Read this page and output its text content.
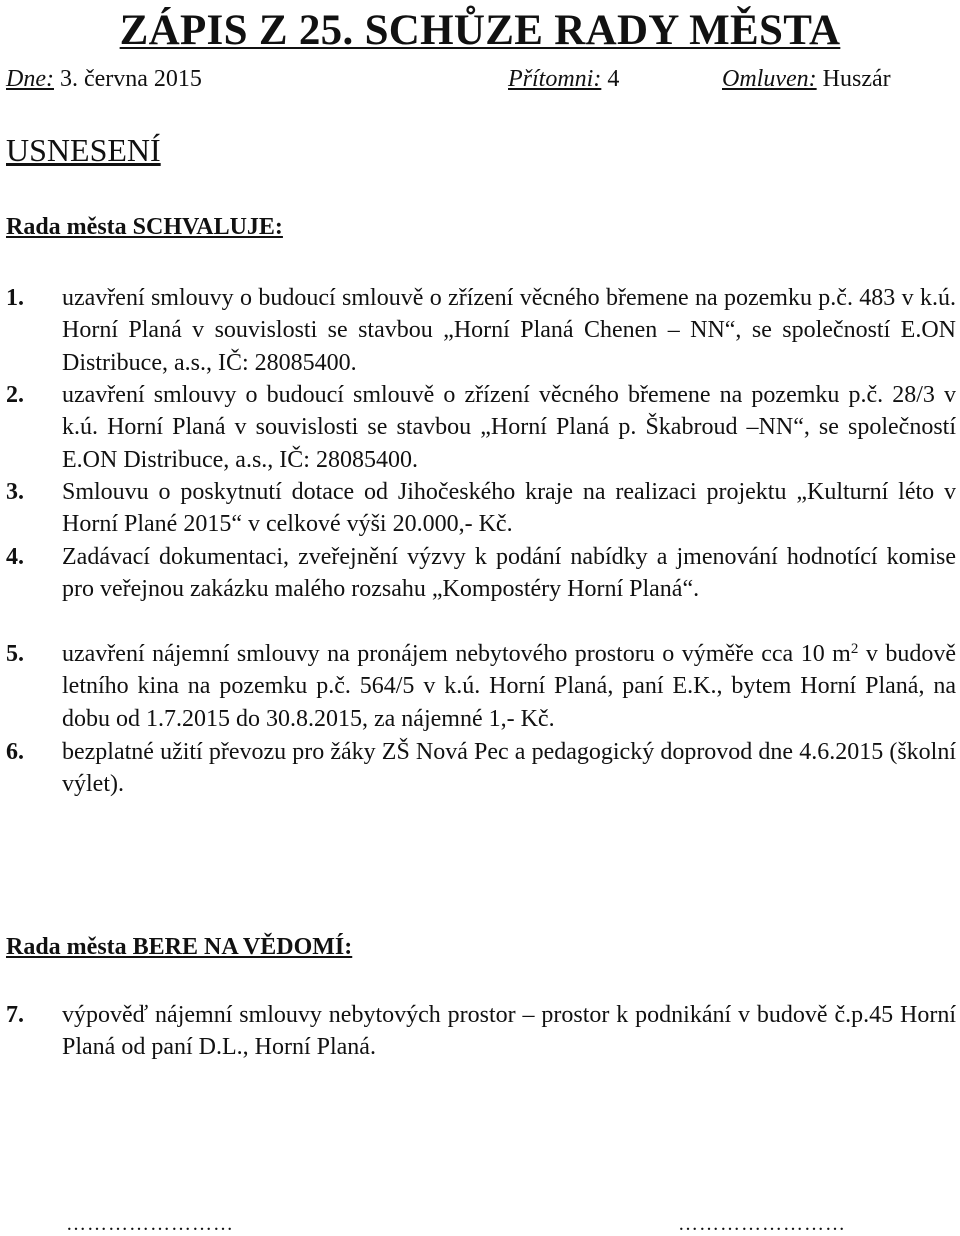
ZÁPIS Z 25. SCHŮZE RADY MĚSTA
Dne: 3. června 2015	Přítomni: 4	Omluven: Huszár
USNESENÍ
Rada města SCHVALUJE:
1.	uzavření smlouvy o budoucí smlouvě o zřízení věcného břemene na pozemku p.č. 483 v k.ú. Horní Planá v souvislosti se stavbou „Horní Planá Chenen – NN“, se společností E.ON Distribuce, a.s., IČ: 28085400.
2.	uzavření smlouvy o budoucí smlouvě o zřízení věcného břemene na pozemku p.č. 28/3 v k.ú. Horní Planá v souvislosti se stavbou „Horní Planá p. Škabroud –NN“, se společností E.ON Distribuce, a.s., IČ: 28085400.
3.	Smlouvu o poskytnutí dotace od Jihočeského kraje na realizaci projektu „Kulturní léto v Horní Plané 2015“ v celkové výši 20.000,- Kč.
4.	Zadávací dokumentaci, zveřejnění výzvy k podání nabídky a jmenování hodnotící komise pro veřejnou zakázku malého rozsahu „Kompostéry Horní Planá“.
5.	uzavření nájemní smlouvy na pronájem nebytového prostoru o výměře cca 10 $m^2$ v budově letního kina na pozemku p.č. 564/5 v k.ú. Horní Planá, paní E.K., bytem Horní Planá, na dobu od 1.7.2015 do 30.8.2015, za nájemné 1,- Kč.
6.	bezplatné užití převozu pro žáky ZŠ Nová Pec a pedagogický doprovod dne 4.6.2015 (školní výlet).
Rada města BERE NA VĚDOMÍ:
7.	výpověď nájemní smlouvy nebytových prostor – prostor k podnikání v budově č.p.45 Horní Planá od paní D.L., Horní Planá.
……………………	……………………
